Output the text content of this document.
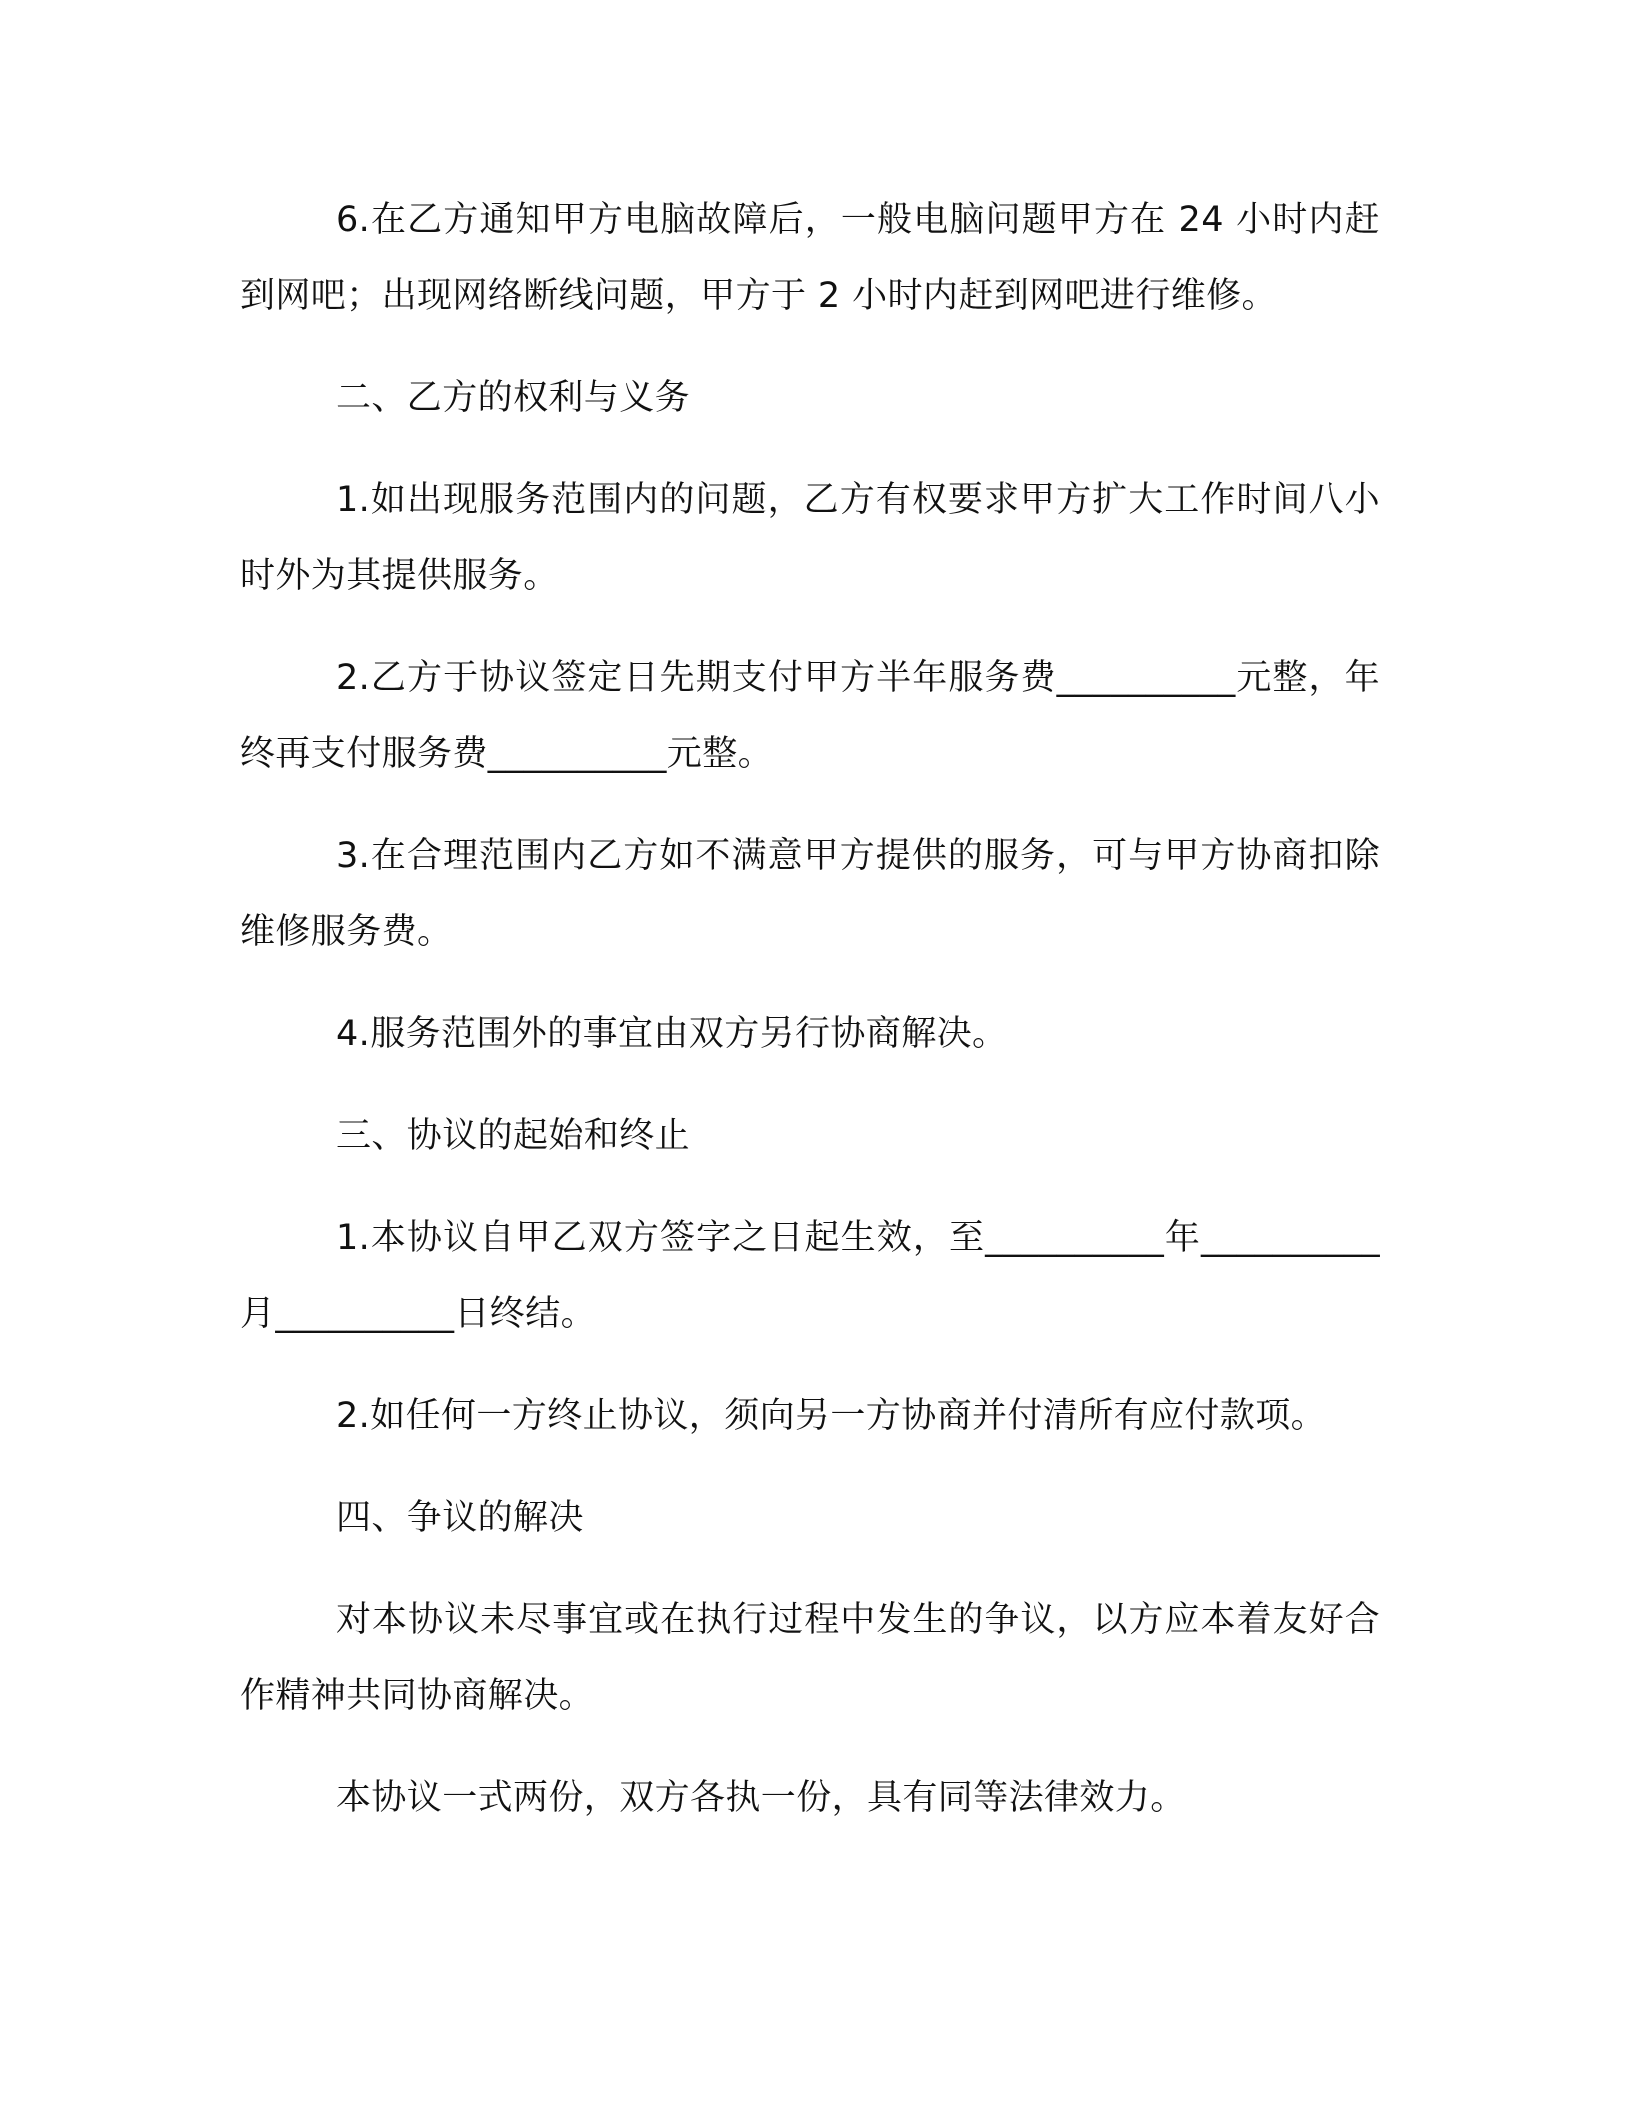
6.在乙方通知甲方电脑故障后，一般电脑问题甲方在 24 小时内赶到网吧；出现网络断线问题，甲方于 2 小时内赶到网吧进行维修。

二、乙方的权利与义务

1.如出现服务范围内的问题，乙方有权要求甲方扩大工作时间八小时外为其提供服务。

2.乙方于协议签定日先期支付甲方半年服务费__________元整，年终再支付服务费__________元整。

3.在合理范围内乙方如不满意甲方提供的服务，可与甲方协商扣除维修服务费。

4.服务范围外的事宜由双方另行协商解决。

三、协议的起始和终止

1.本协议自甲乙双方签字之日起生效，至__________年__________月__________日终结。

2.如任何一方终止协议，须向另一方协商并付清所有应付款项。

四、争议的解决

对本协议未尽事宜或在执行过程中发生的争议，以方应本着友好合作精神共同协商解决。

本协议一式两份，双方各执一份，具有同等法律效力。
